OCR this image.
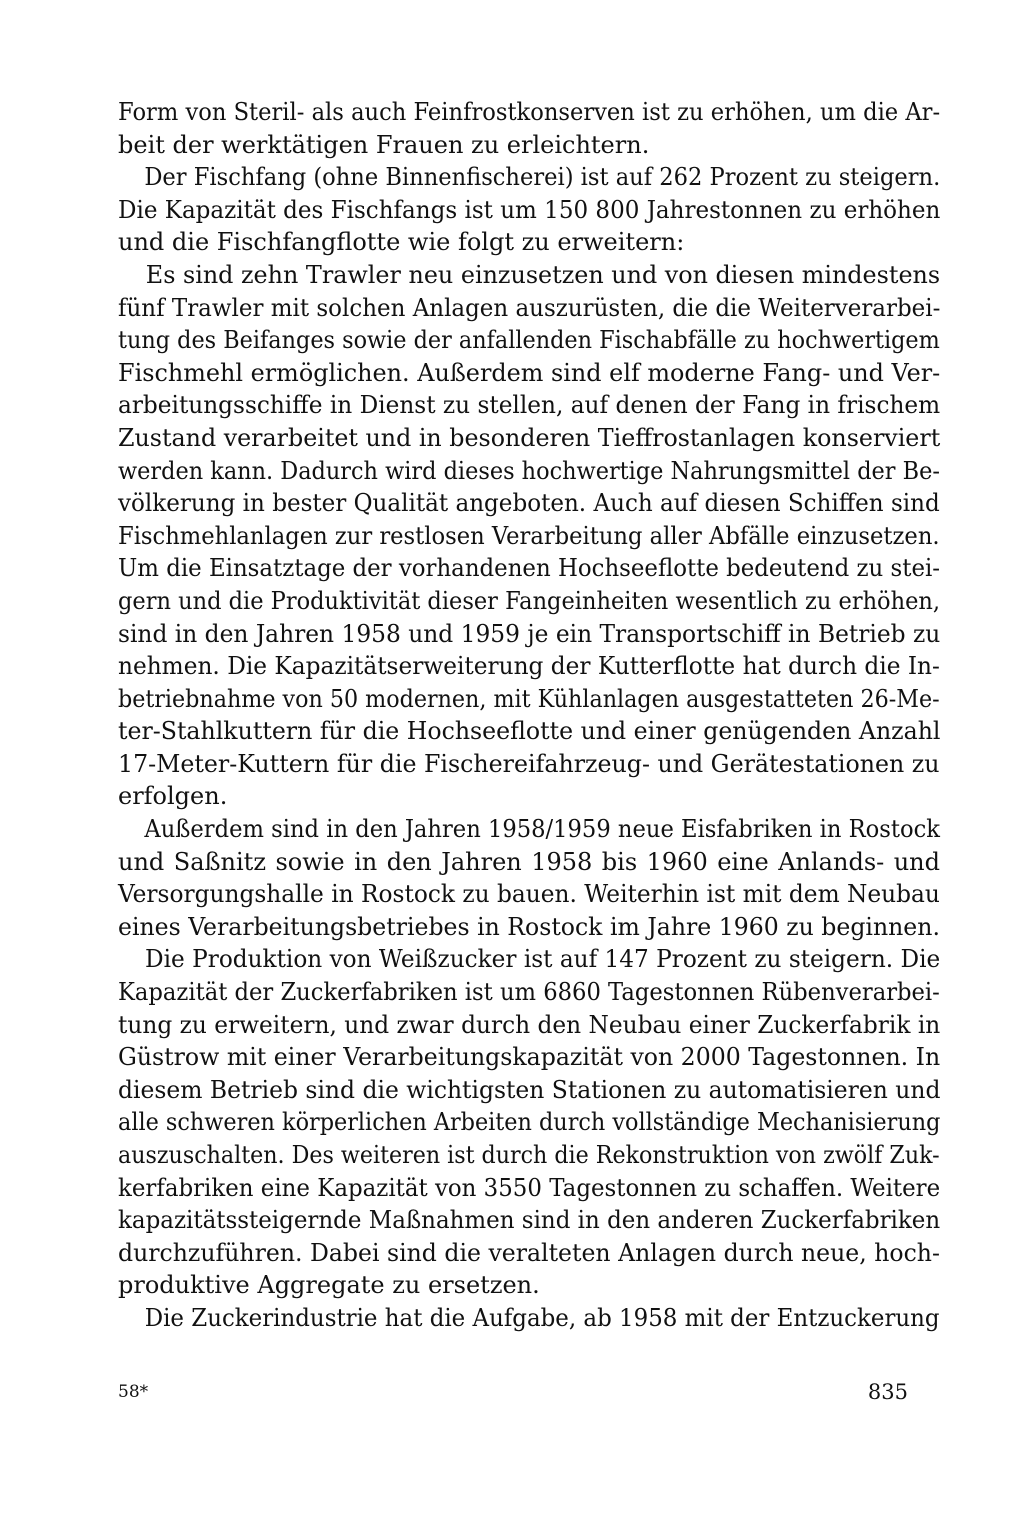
Form von Steril- als auch Feinfrostkonserven ist zu erhöhen, um die Ar-
beit der werktätigen Frauen zu erleichtern.
Der Fischfang (ohne Binnenfischerei) ist auf 262 Prozent zu steigern.
Die Kapazität des Fischfangs ist um 150 800 Jahrestonnen zu erhöhen
und die Fischfangflotte wie folgt zu erweitern:
Es sind zehn Trawler neu einzusetzen und von diesen mindestens
fünf Trawler mit solchen Anlagen auszurüsten, die die Weiterverarbei-
tung des Beifanges sowie der anfallenden Fischabfälle zu hochwertigem
Fischmehl ermöglichen. Außerdem sind elf moderne Fang- und Ver-
arbeitungsschiffe in Dienst zu stellen, auf denen der Fang in frischem
Zustand verarbeitet und in besonderen Tieffrostanlagen konserviert
werden kann. Dadurch wird dieses hochwertige Nahrungsmittel der Be-
völkerung in bester Qualität angeboten. Auch auf diesen Schiffen sind
Fischmehlanlagen zur restlosen Verarbeitung aller Abfälle einzusetzen.
Um die Einsatztage der vorhandenen Hochseeflotte bedeutend zu stei-
gern und die Produktivität dieser Fangeinheiten wesentlich zu erhöhen,
sind in den Jahren 1958 und 1959 je ein Transportschiff in Betrieb zu
nehmen. Die Kapazitätserweiterung der Kutterflotte hat durch die In-
betriebnahme von 50 modernen, mit Kühlanlagen ausgestatteten 26-Me-
ter-Stahlkuttern für die Hochseeflotte und einer genügenden Anzahl
17-Meter-Kuttern für die Fischereifahrzeug- und Gerätestationen zu
erfolgen.
Außerdem sind in den Jahren 1958/1959 neue Eisfabriken in Rostock
und Saßnitz sowie in den Jahren 1958 bis 1960 eine Anlands- und
Versorgungshalle in Rostock zu bauen. Weiterhin ist mit dem Neubau
eines Verarbeitungsbetriebes in Rostock im Jahre 1960 zu beginnen.
Die Produktion von Weißzucker ist auf 147 Prozent zu steigern. Die
Kapazität der Zuckerfabriken ist um 6860 Tagestonnen Rübenverarbei-
tung zu erweitern, und zwar durch den Neubau einer Zuckerfabrik in
Güstrow mit einer Verarbeitungskapazität von 2000 Tagestonnen. In
diesem Betrieb sind die wichtigsten Stationen zu automatisieren und
alle schweren körperlichen Arbeiten durch vollständige Mechanisierung
auszuschalten. Des weiteren ist durch die Rekonstruktion von zwölf Zuk-
kerfabriken eine Kapazität von 3550 Tagestonnen zu schaffen. Weitere
kapazitätssteigernde Maßnahmen sind in den anderen Zuckerfabriken
durchzuführen. Dabei sind die veralteten Anlagen durch neue, hoch-
produktive Aggregate zu ersetzen.
Die Zuckerindustrie hat die Aufgabe, ab 1958 mit der Entzuckerung
58*	835
